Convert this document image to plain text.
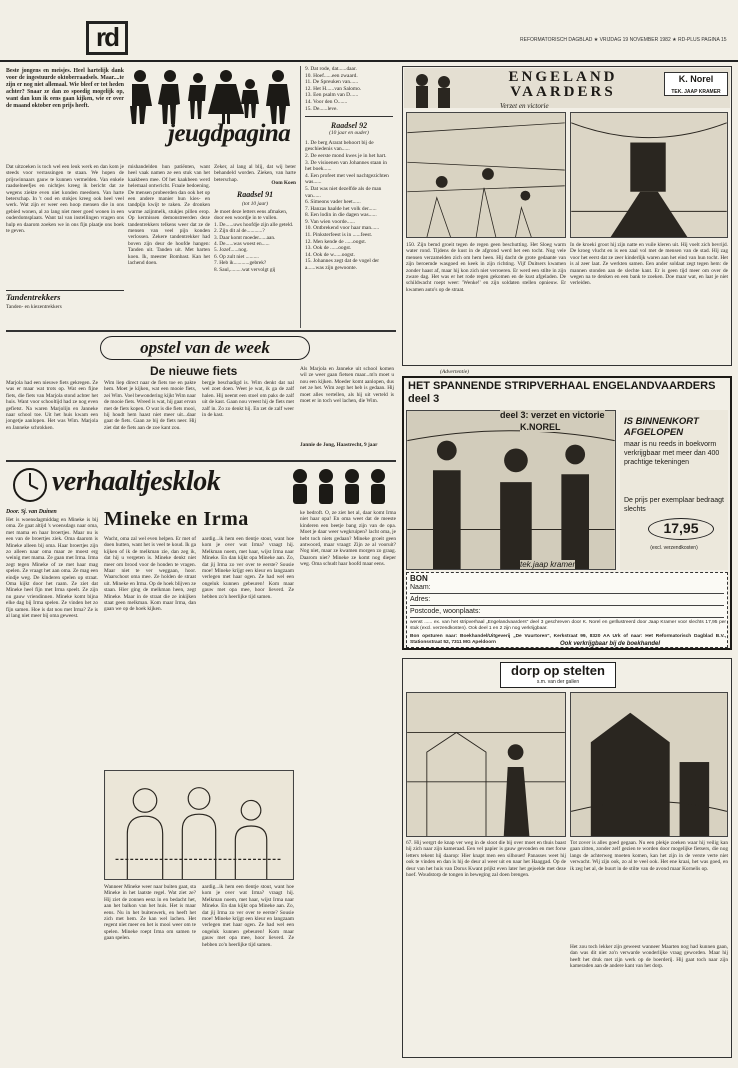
rd	REFORMATORISCH DAGBLAD ★ VRIJDAG 19 NOVEMBER 1982 ★ RD-PLUS PAGINA 15
Beste jongens en meisjes. Heel hartelijk dank voor de ingestuurde oktoberraadsels. Maar....te zijn er nog niet allemaal. Wie bleef er tot heden achter? Snaar ze dan zo spoedig mogelijk op, want dan kun ik eens gaan kijken, wie er over de maand oktober een prijs heeft.
Dat uitzoeken is toch wel een leuk werk en dan kom je steeds voor verrassingen te staan. We hopen de prijswinnaars gauw te kunnen vermelden. Van enkele raadselneefjes en nichtjes kreeg ik bericht dat ze wegens ziekte even niet konden meedoen. Van harte beterschap. In 't oud en stokjes kreeg ook heel veel werk. Wat zijn er weer een hoop mensen die in ons gebied wonen, al zo lang niet meer goed wonen in een ouderdomsplaats. Want tal van instellingen vragen ons hulp en daarom zoeken we in ons fijn plaatje ons boek te geven.
jeugdpagina
9. Dat rode, dat......daar.
10. Hoef......een zwaard.
11. De Spreuken van......
12. Het H......van Salomo.
13. Een psalm van D......
14. Voor den O.......
15. De......leve.
Raadsel 92
(10 jaar en ouder)
1. De berg Ararat behoort bij de geschiedenis van......
2. De eerste mond kwes je in het hart.
3. De visioenen van Johannes staan in het boek......
4. Een profeet met veel nachtgezichten was......
5. Dat was niet dezelfde als de man van......
6. Simeons vader heet......
7. Hanzas haalde het volk der......
8. Een lodin in die dagen was......
9. Van wien voorde......
10. Ontbrekend voor haar man......
11. Pinksterfeest is in ......feest.
12. Men kende de ......oogst.
13. Ook de ......oogst.
14. Ook de w......oogst.
15. Johannes zegt dat de vogel der a......was zijn gewoonte.
Tandentrekkers
Tanden- en kiezentrekkers
mishandelden hun patiënten, want heel vaak namen ze een stuk van het kaakbeen mee. Of het kaakbeen werd helemaal ontwricht. Fraaie bedoening. De mensen probeerden dan ook het op een andere manier hun kies- en tandpijn kwijt te raken. Ze dronken warme azijnmelk, stukjes pillen erop. Op kermissen demonstreerden deze tandentrekkers telkens weer dat ze de mensen van veel pijn konden verlossen. Zekere tandentrekker had boven zijn deur de hoofde hangen: Tanden uit. Tanden uit. Met harten koen. Ik, meester Bombast. Kan het lachend doen.
Zeker, al lang al blij, dat wij beter behandeld worden. Zieken, van harte beterschap.
Oom Koen
Raadsel 91
(tot 10 jaar)
Je moet deze letters eens afmaken, door een woordje in te vullen.
1. De......uws hoofdje zijn alle geteld.
2. Zijn dit al de............?
3. Daar komt moeder......aan.
4. De......was woest en......
5. Jozef......nog.
6. Op zult niet ..........
7. Heb ik............gebrek?
8. Saul,.........wat vervolgt gij
opstel van de week
De nieuwe fiets
Marjola had een nieuwe fiets gekregen. Ze was er maar wat trots op. Wat een fijne fiets, die fiets van Marjola stond achter het huis. Want voor schooltijd had ze nog even gefietst. Na waren Marjolijn en Janneke naar school toe. Uit het huis kwam een jongetje aanlopen. Het was Wim. Marjola en Janneke schrokken.
Wim liep direct naar de fiets toe en pakte hem. Moet je kijken, wat een mooie fiets, zei Wim. Voel bewondering kijkt Wim naar de mooie fiets. Wreed is wat, hij gaat ervan met de fiets kopen. O wat is die fiets mooi, hij houdt hem haast niet meer uit...daar gaat de fiets. Gaan ze bij de fiets neer. Hij ziet dat de fiets aan de zoe kant zou.
bergje beschadigd is. Wim denkt dat nal wel zoet doen. Weet je wat, ik ga de zalf halen. Hij neemt een stoel om paks de zalf uit de kast. Gaan nou vreest hij de fiets met zalf in. Zo zo denkt hij. En zet de zalf weer in de kast.
Als Marjola en Janneke uit school komen wil ze weer gaan fietsen maar...m'n moet u nou een kijken. Moeder komt aanlopen, dus net ze het. Wim zegt het heb is gedaan. Hij moet alles vertellen, als hij uit verteld is moet er in toch wel lachen, die Wim.
Jannie de Jong, Haastrecht, 9 jaar
verhaaltjesklok
Door. Sj. van Duinen
Het is woensdagmiddag en Mineke is bij oma. Ze gaat altijd 's woensdags naar oma, met mama en haar broertjes. Maar nu is een van de broertjes ziek. Oma daarom is Mineke alleen bij oma. Haar broertjes zijn zo alleen naar oma maar ze moest erg weinig met mama. Ze gaan met Irma. Irma zegt tegen Mineke of ze met haar mag spelen. Ze vraagt het aan oma. Ze mag een eindje weg. De kinderen spelen op straat. Oma kijkt door het raam. Ze ziet dat Mineke heel fijn met Irma speelt. Ze zijn nu gauw vriendinnen. Mineke komt bijna elke dag bij Irma spelen. Ze vinden het zo fijn samen. Hoe is dat nou met Irma? Ze is al lang niet meer bij oma geweest.
Mineke en Irma
Wacht, oma zal wel even helpen. Er met of doen hutten, want het is veel te koud. Ik ga kijken of ik de melkman zie, dan zeg ik, dat hij u vergeten is. Mineke denkt niet meer om brood voor de honden te vragen. Maar niet te ver weggaan, hoor. Waarschoot oma mee. Ze holden de straat uit. Mineke en Irma. Op de hoek blijven ze staan. Hier ging de melkman heen, zegt Mineke. Maar in de straat die ze inkijken staat geen melkman. Kom maar Irma, dan gaan we op de hoek kijken.
aardig...ik hem een tlentje stout, want hoe kom je over wat Irma? vraagt hij. Melkman noem, met haar, wijst Irma naar Mineke. En dan kijkt opa Mineke aan. Zo, dat jij Irma zo ver over te eerste? Sousie moe! Mineke krijgt een kleur en langzaam verlegen met haar ogen. Ze had wel een ongeluk kunnen gebeuren! Kom maar gauw met opa mee, hoor lieverd. Ze hebben zo'n heerlijke tijd samen.
ke bedroft. O, ze ziet het al, daar komt Irma niet haar opa! En oma weet dat de meeste kinderen een beetje bang zijn van de opa. Moet je daar weer wegkruipen? lacht oma, je hebt toch niets gedaan? Mineke groeit geen antwoord, maar vraagt: Zijn ze al vooruit? Nog niet, maar ze kwamen morgen zo graag. Daarom niet? Mineke ze komt nog dieper weg. Oma schudt haar hoofd maar eens.
Wanneer Mineke weer naar buiten gaat, sta Mineke in het laatste regel. Wat ziet ze? Hij ziet de zonnen eenz in en bedacht het, aan het balkon van het huis. Het is maar eens. Nu in het buitenwerk, en heeft het zich met hem. Ze kan wel lachen. Het regent niet meer en het is mooi weer om te spelen. Mineke roept Irma om samen te gaan spelen.
aardig...ik hem een tlentje stout, want hoe kom je over wat Irma? vraagt hij. Melkman noem, met haar, wijst Irma naar Mineke. En dan kijkt opa Mineke aan. Zo, dat jij Irma zo ver over te eerste? Sousie moe! Mineke krijgt een kleur en langzaam verlegen met haar ogen. Ze had wel een ongeluk kunnen gebeuren! Kom maar gauw met opa mee, hoor lieverd. Ze hebben zo'n heerlijke tijd samen.
ENGELAND VAARDERS
Verzet en victorie
K. Norel
TEK. JAAP KRAMER
150. Zijn bemd groeit tegen de regen geen beschutting. Het Sloeg warm water rond. Tijdens de kust in de afgrond werd het een tocht. Nog vele mensen verzamelden zich om hem heen. Hij dacht de grote gedaante van zijn beroemde wasgoed en keek in zijn richting. Vijf Duitsers kwamen zonder haast af, maar hij kon zich niet verroeren. Er werd een stilte in zijn zware dag. Het was er het rode regen gekomen en de kust afgeladen. De schildwacht roept weer: 'Wenke!' en zijn soldaten stellen opnieuw. Er kwamen auto's op de straat.
In de kroeki groot hij zijn natte en vuile kleren uit. Hij voelt zich bevrijd. De kroeg vlucht en is een zaal vol met de mensen van de stad. Hij zag voor het eerst dat ze zeer kinderlijk waren aan het eind van hun tocht. Het is al zeer laat. Ze werkten samen. Een ander soldaat zegt tegen hem: de mannen stonden aan de slechte kant. Er is geen tijd meer om over de wegen na te denken en een bank te zoeken. Doe maar wat, en laat je niet verleiden.
(Advertentie)
HET SPANNENDE STRIPVERHAAL ENGELANDVAARDERS deel 3
deel 3: verzet en victorie
K.NOREL
tek.jaap kramer
IS BINNENKORT AFGELOPEN
maar is nu reeds in boekvorm verkrijgbaar met meer dan 400 prachtige tekeningen
De prijs per exemplaar bedraagt slechts
17,95
(excl. verzendkosten)
BON
Naam:
Adres:
Postcode, woonplaats:
wenst ...... ex. van het stripverhaal „Engelandvaarders" deel 3 geschreven door K. Norel en geïllustreerd door Jaap Kramer voor slechts 17,95 per stuk (excl. verzendkosten). Ook deel 1 en 2 zijn nog verkrijgbaar.
Bon opsturen naar: Boekhandel/Uitgeverij „De Vuurtoren", Kerkstraat 99, 8320 AA Urk of naar: Het Reformatorisch Dagblad B.V., Stationsstraat 52, 7311 MG Apeldoorn	Ook verkrijgbaar bij de boekhandel
dorp op stelten
s.m. van der gallen
67. Hij wergrt de knap ver weg in de sloot die bij over moet en thuis baast hij zich naar zijn kameraad. Een vel papier is gauw gevonden en met forse letters tekent hij daarop: Hier knapt men een silhouet! Panasses weet hij ook te vinden en dan is hij de deur al weer uit en naar het Haaggad. Op de deur van het huis van Dorus Kwant prijkt even later het gejoelde met deze hoef. Woudstorp de tongen in beweging zal doen brengen.
Tot zover is alles goed gegaan. Nu een plekje zoeken waar hij veilig kan gaan zitten, zonder zelf gezien te worden door mogelijke fietsers, die nog langs de achterweg moeten komen, kan het zijn in de verste verte niet verwacht. Wij zijn ook, zo al te veel ook. Het ene kraai, het was goed, en ik zeg het al, de buurt in de stilte van de avond maar Kornelis op.
Het zou toch lekker zijn geweest wanneer Maarten nog had kunnen gaan, dan was dit niet zo'n verwarde wonderlijke vraag geworden. Maar hij heeft het druk met zijn werk op de boerderij. Hij gaat toch naar zijn kameraden aan de andere kant van het dorp.
